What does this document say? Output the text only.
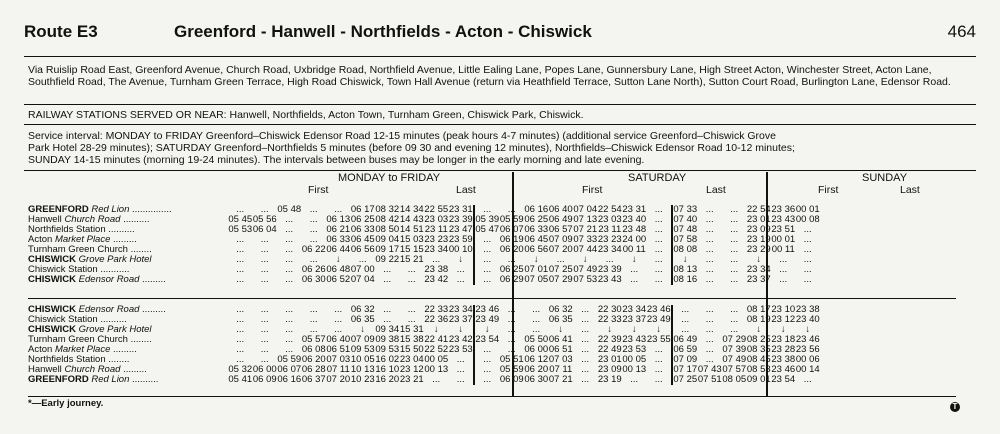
Route E3	Greenford - Hanwell - Northfields - Acton - Chiswick	464
Via Ruislip Road East, Greenford Avenue, Church Road, Uxbridge Road, Northfield Avenue, Little Ealing Lane, Popes Lane, Gunnersbury Lane, High Street Acton, Winchester Street, Acton Lane, Southfield Road, The Avenue, Turnham Green Terrace, High Road Chiswick, Town Hall Avenue (return via Heathfield Terrace, Sutton Lane North), Sutton Court Road, Burlington Lane, Edensor Road.
RAILWAY STATIONS SERVED OR NEAR: Hanwell, Northfields, Acton Town, Turnham Green, Chiswick Park, Chiswick.
Service interval: MONDAY to FRIDAY Greenford–Chiswick Edensor Road 12-15 minutes (peak hours 4-7 minutes) (additional service Greenford–Chiswick Grove
Park Hotel 28-29 minutes); SATURDAY Greenford–Northfields 5 minutes (before 09 30 and evening 12 minutes), Northfields–Chiswick Edensor Road 10-12 minutes;
SUNDAY 14-15 minutes (morning 19-24 minutes). The intervals between buses may be longer in the early morning and late evening.
MONDAY to FRIDAY	SATURDAY	SUNDAY
First	Last	First	Last	First	Last
GREENFORD Red Lion ...............	...	...	05 48	...	...	06 17	08 32	14 34	22 55	23 31	...	...	06 16	06 40	07 04	22 54	23 31	...	07 33	...	...	22 54	23 36	00 01
Hanwell Church Road ..........	05 45	05 56	...	...	06 13	06 25	08 42	14 43	23 03	23 39	05 39	05 59	06 25	06 49	07 13	23 03	23 40	...	07 40	...	...	23 01	23 43	00 08
Northfields Station ..........	05 53	06 04	...	...	06 21	06 33	08 50	14 51	23 11	23 47	05 47	06 07	06 33	06 57	07 21	23 11	23 48	...	07 48	...	...	23 09	23 51	...
Acton Market Place .........	...	...	...	...	06 33	06 45	09 04	15 03	23 23	23 59	...	06 19	06 45	07 09	07 33	23 23	24 00	...	07 58	...	...	23 19	00 01	...
Turnham Green Church ........	...	...	...	06 22	06 44	06 56	09 17	15 15	23 34	00 10	...	06 20	06 56	07 20	07 44	23 34	00 11	...	08 08	...	...	23 29	00 11	...
CHISWICK Grove Park Hotel	...	...	...	...	↓	...	09 22	15 21	...	↓	...	...	↓	...	↓	...	↓	...	↓	...	...	↓	...	...
Chiswick Station ...........	...	...	...	06 26	06 48	07 00	...	...	23 38	...	...	06 25	07 01	07 25	07 49	23 39	...	...	08 13	...	...	23 34	...	...
CHISWICK Edensor Road .........	...	...	...	06 30	06 52	07 04	...	...	23 42	...	...	06 29	07 05	07 29	07 53	23 43	...	...	08 16	...	...	23 37	...	...
CHISWICK Edensor Road .........	...	...	...	...	...	06 32	...	...	22 33	23 34	23 46	...	...	06 32	...	22 30	23 34	23 46	...	...	...	08 17	23 10	23 38
Chiswick Station ..........	...	...	...	...	...	06 35	...	...	22 36	23 37	23 49	...	...	06 35	...	22 33	23 37	23 49	...	...	...	08 19	23 12	23 40
CHISWICK Grove Park Hotel	...	...	...	...	...	↓	09 34	15 31	↓	↓	↓	...	...	↓	...	↓	↓	↓	...	...	...	↓	↓	↓
Turnham Green Church ........	...	...	...	05 57	06 40	07 09	09 38	15 38	22 41	23 42	23 54	...	05 50	06 41	...	22 39	23 43	23 55	06 49	...	07 29	08 25	23 18	23 46
Acton Market Place .........	...	...	...	06 08	06 51	09 53	09 53	15 50	22 52	23 53	...	...	06 00	06 51	...	22 49	23 53	...	06 59	...	07 39	08 35	23 28	23 56
Northfields Station ........	...	...	05 59	06 20	07 03	10 05	16 02	23 04	00 05	...	...	05 51	06 12	07 03	...	23 01	00 05	...	07 09	...	07 49	08 45	23 38	00 06
Hanwell Church Road .........	05 32	06 00	06 07	06 28	07 11	10 13	16 10	23 12	00 13	...	...	05 59	06 20	07 11	...	23 09	00 13	...	07 17	07 43	07 57	08 53	23 46	00 14
GREENFORD Red Lion ..........	05 41	06 09	06 16	06 37	07 20	10 23	16 20	23 21	...	...	...	06 09	06 30	07 21	...	23 19	...	...	07 25	07 51	08 05	09 01	23 54	...
*—Early journey.	T
